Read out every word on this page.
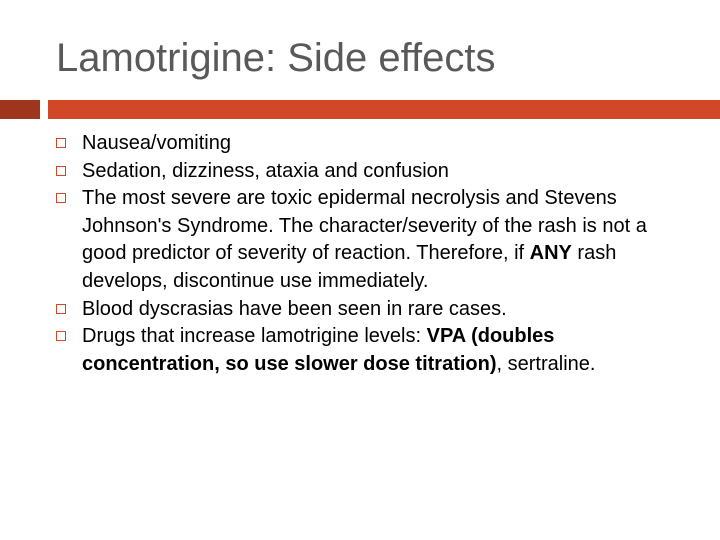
Lamotrigine: Side effects
Nausea/vomiting
Sedation, dizziness, ataxia and confusion
The most severe are toxic epidermal necrolysis and Stevens Johnson's Syndrome. The character/severity of the rash is not a good predictor of severity of reaction. Therefore, if ANY rash develops, discontinue use immediately.
Blood dyscrasias have been seen in rare cases.
Drugs that increase lamotrigine levels: VPA (doubles concentration, so use slower dose titration), sertraline.
